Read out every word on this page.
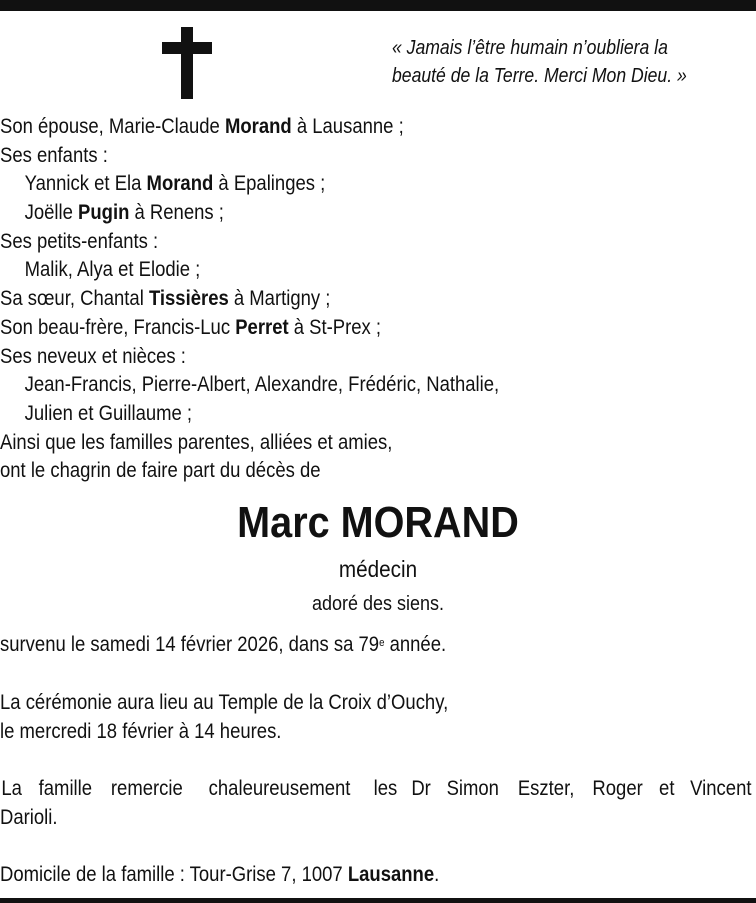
« Jamais l’être humain n’oubliera la
beauté de la Terre. Merci Mon Dieu. »
Son épouse, Marie-Claude Morand à Lausanne ;
Ses enfants :
Yannick et Ela Morand à Epalinges ;
Joëlle Pugin à Renens ;
Ses petits-enfants :
Malik, Alya et Elodie ;
Sa sœur, Chantal Tissières à Martigny ;
Son beau-frère, Francis-Luc Perret à St-Prex ;
Ses neveux et nièces :
Jean-Francis, Pierre-Albert, Alexandre, Frédéric, Nathalie,
Julien et Guillaume ;
Ainsi que les familles parentes, alliées et amies,
ont le chagrin de faire part du décès de
Marc MORAND
médecin
adoré des siens.
survenu le samedi 14 février 2026, dans sa 79e année.
La cérémonie aura lieu au Temple de la Croix d’Ouchy,
le mercredi 18 février à 14 heures.
La famille remercie chaleureusement les Dr Simon Eszter, Roger et Vincent
Darioli.
Domicile de la famille : Tour-Grise 7, 1007 Lausanne.
